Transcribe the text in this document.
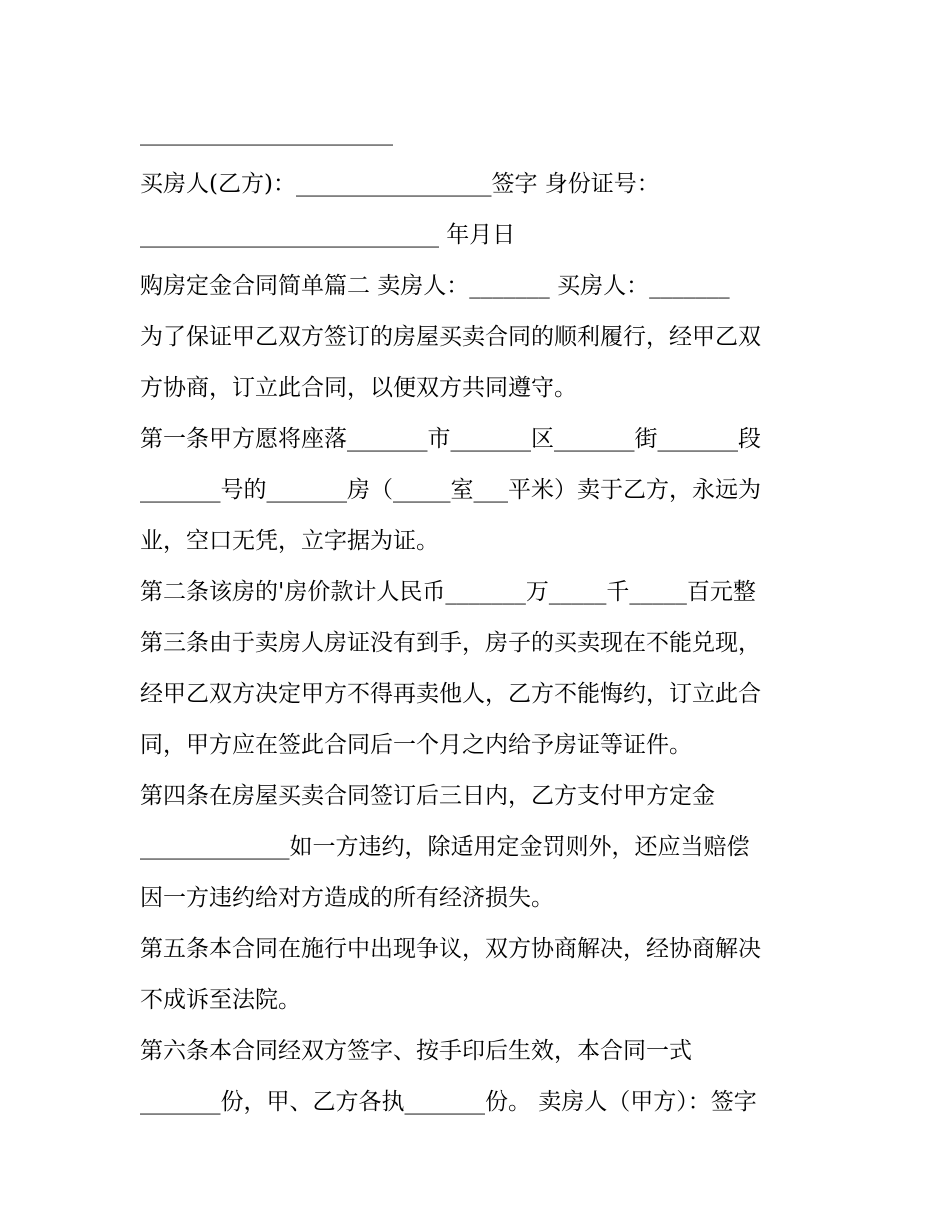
______________________
买房人(乙方)：_________________签字 身份证号：
__________________________ 年月日
购房定金合同简单篇二 卖房人：_______ 买房人：_______
为了保证甲乙双方签订的房屋买卖合同的顺利履行，经甲乙双
方协商，订立此合同，以便双方共同遵守。
第一条甲方愿将座落_______市_______区_______街_______段
_______号的_______房（_____室___平米）卖于乙方，永远为
业，空口无凭，立字据为证。
第二条该房的'房价款计人民币_______万_____千_____百元整
第三条由于卖房人房证没有到手，房子的买卖现在不能兑现，
经甲乙双方决定甲方不得再卖他人，乙方不能悔约，订立此合
同，甲方应在签此合同后一个月之内给予房证等证件。
第四条在房屋买卖合同签订后三日内，乙方支付甲方定金
_____________如一方违约，除适用定金罚则外，还应当赔偿
因一方违约给对方造成的所有经济损失。
第五条本合同在施行中出现争议，双方协商解决，经协商解决
不成诉至法院。
第六条本合同经双方签字、按手印后生效，本合同一式
_______份，甲、乙方各执_______份。 卖房人（甲方）：签字
